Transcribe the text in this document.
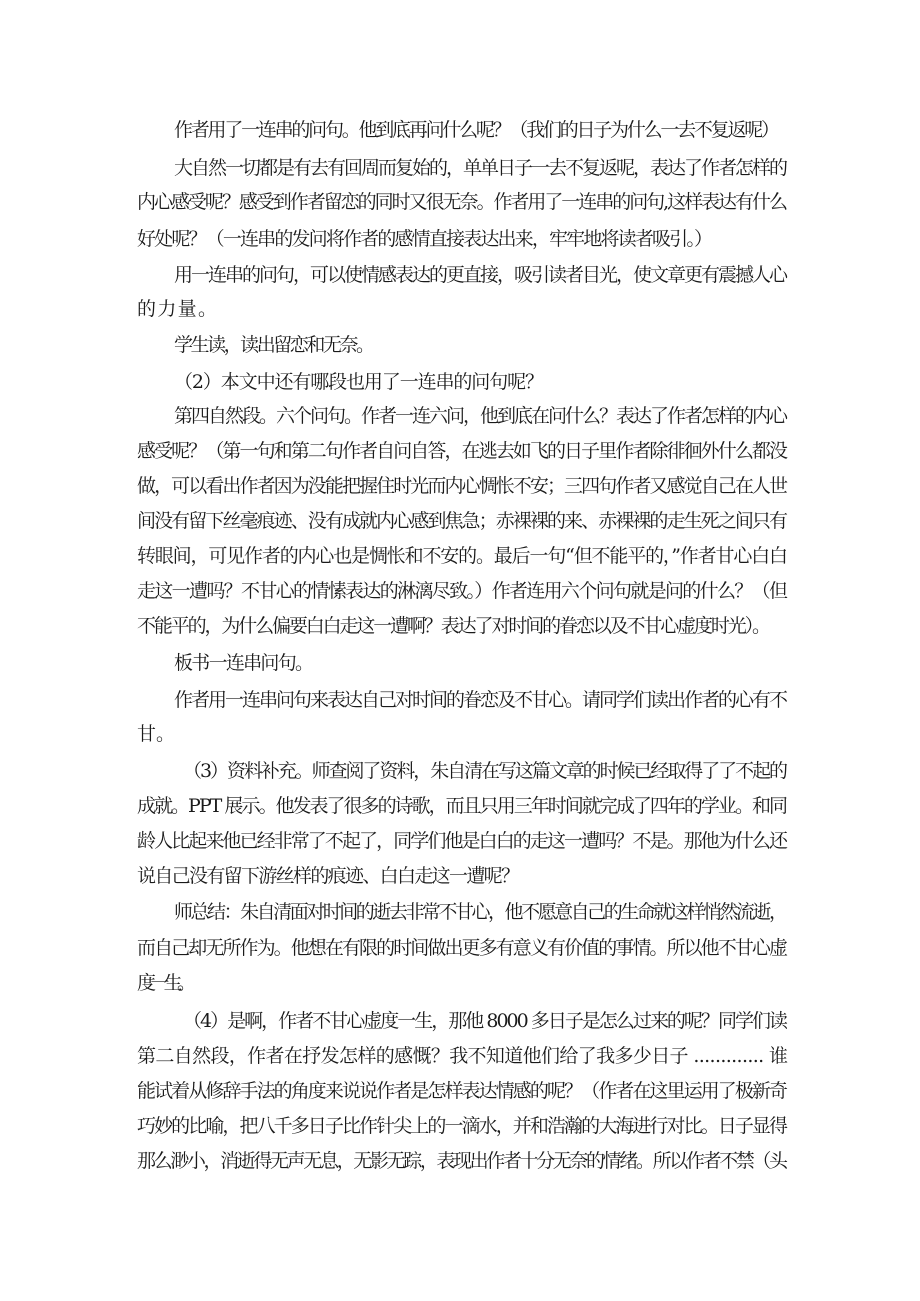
作者用了一连串的问句。他到底再问什么呢？（我们的日子为什么一去不复返呢）
大自然一切都是有去有回周而复始的，单单日子一去不复返呢，表达了作者怎样的
内心感受呢？感受到作者留恋的同时又很无奈。作者用了一连串的问句,这样表达有什么
好处呢？（一连串的发问将作者的感情直接表达出来，牢牢地将读者吸引。）
用一连串的问句，可以使情感表达的更直接，吸引读者目光，使文章更有震撼人心
的力量。
学生读，读出留恋和无奈。
（2）本文中还有哪段也用了一连串的问句呢？
第四自然段。六个问句。作者一连六问，他到底在问什么？表达了作者怎样的内心
感受呢？（第一句和第二句作者自问自答，在逃去如飞的日子里作者除徘徊外什么都没
做，可以看出作者因为没能把握住时光而内心惆怅不安；三四句作者又感觉自己在人世
间没有留下丝毫痕迹、没有成就内心感到焦急；赤裸裸的来、赤裸裸的走生死之间只有
转眼间，可见作者的内心也是惆怅和不安的。最后一句“但不能平的，”作者甘心白白
走这一遭吗？不甘心的情愫表达的淋漓尽致。）作者连用六个问句就是问的什么？（但
不能平的，为什么偏要白白走这一遭啊？表达了对时间的眷恋以及不甘心虚度时光）。
板书一连串问句。
作者用一连串问句来表达自己对时间的眷恋及不甘心。请同学们读出作者的心有不
甘。
（3）资料补充。师查阅了资料，朱自清在写这篇文章的时候已经取得了了不起的
成就。PPT 展示。他发表了很多的诗歌，而且只用三年时间就完成了四年的学业。和同
龄人比起来他已经非常了不起了，同学们他是白白的走这一遭吗？不是。那他为什么还
说自己没有留下游丝样的痕迹、白白走这一遭呢？
师总结：朱自清面对时间的逝去非常不甘心，他不愿意自己的生命就这样悄然流逝，
而自己却无所作为。他想在有限的时间做出更多有意义有价值的事情。所以他不甘心虚
度一生。
（4）是啊，作者不甘心虚度一生，那他 8000 多日子是怎么过来的呢？同学们读
第二自然段，作者在抒发怎样的感慨？我不知道他们给了我多少日子 ............. 谁
能试着从修辞手法的角度来说说作者是怎样表达情感的呢？（作者在这里运用了极新奇
巧妙的比喻，把八千多日子比作针尖上的一滴水，并和浩瀚的大海进行对比。日子显得
那么渺小，消逝得无声无息，无影无踪，表现出作者十分无奈的情绪。所以作者不禁（头
